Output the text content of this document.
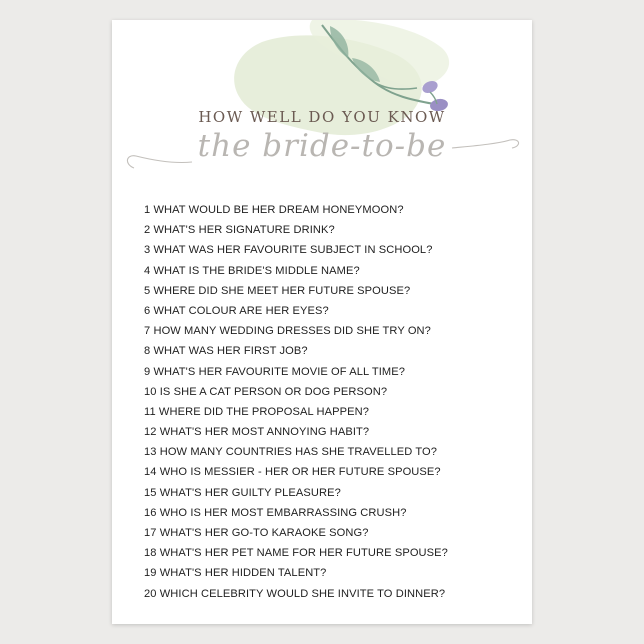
HOW WELL DO YOU KNOW
the bride-to-be
1 WHAT WOULD BE HER DREAM HONEYMOON?
2 WHAT'S HER SIGNATURE DRINK?
3 WHAT WAS HER FAVOURITE SUBJECT IN SCHOOL?
4 WHAT IS THE BRIDE'S MIDDLE NAME?
5 WHERE DID SHE MEET HER FUTURE SPOUSE?
6 WHAT COLOUR ARE HER EYES?
7 HOW MANY WEDDING DRESSES DID SHE TRY ON?
8 WHAT WAS HER FIRST JOB?
9 WHAT'S HER FAVOURITE MOVIE OF ALL TIME?
10 IS SHE A CAT PERSON OR DOG PERSON?
11 WHERE DID THE PROPOSAL HAPPEN?
12 WHAT'S HER MOST ANNOYING HABIT?
13 HOW MANY COUNTRIES HAS SHE TRAVELLED TO?
14 WHO IS MESSIER - HER OR HER FUTURE SPOUSE?
15 WHAT'S HER GUILTY PLEASURE?
16 WHO IS HER MOST EMBARRASSING CRUSH?
17 WHAT'S HER GO-TO KARAOKE SONG?
18 WHAT'S HER PET NAME FOR HER FUTURE SPOUSE?
19 WHAT'S HER HIDDEN TALENT?
20 WHICH CELEBRITY WOULD SHE INVITE TO DINNER?
